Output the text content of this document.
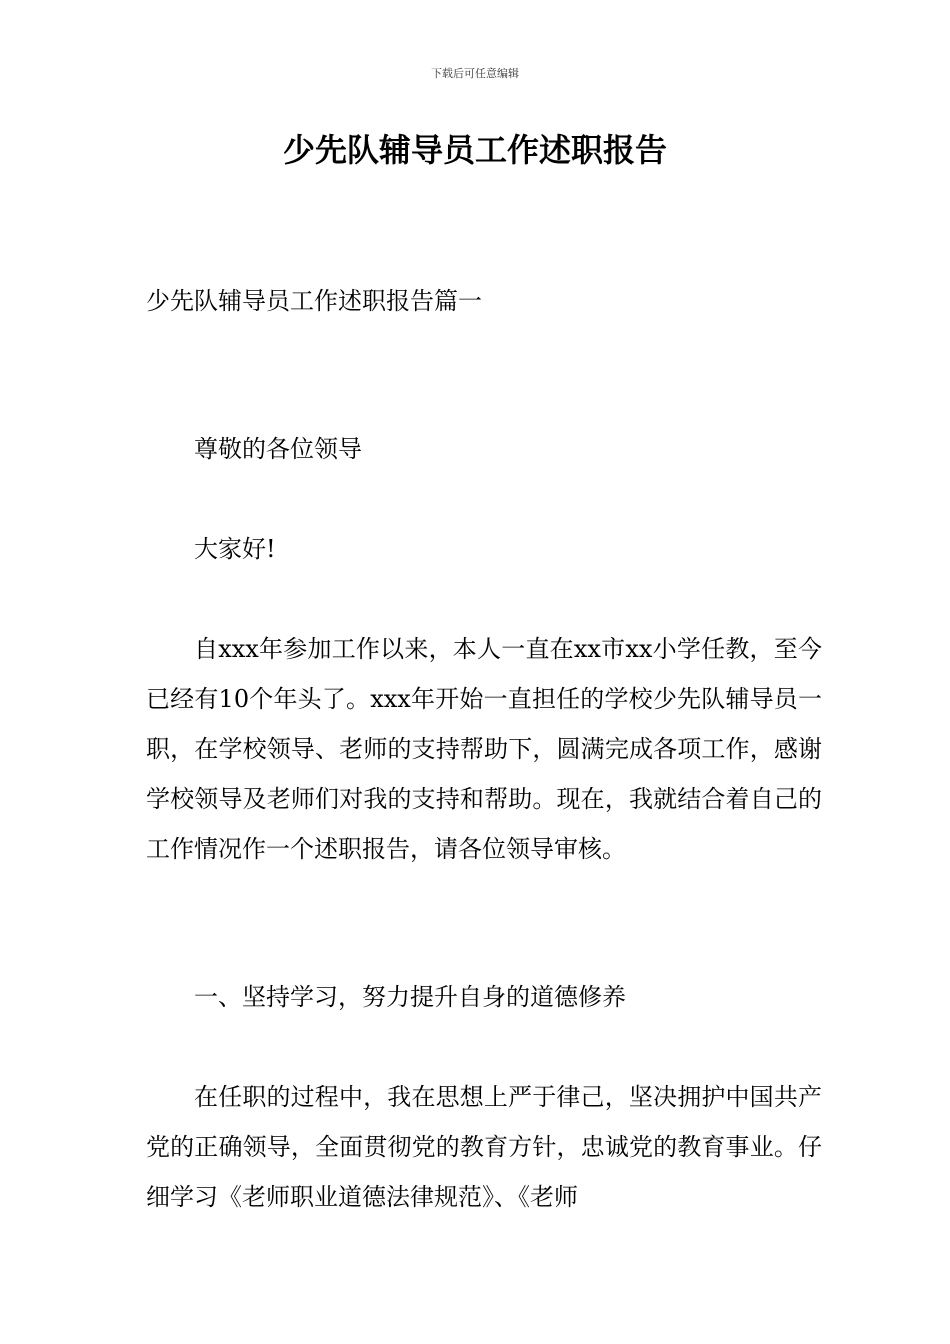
下载后可任意编辑
少先队辅导员工作述职报告

少先队辅导员工作述职报告篇一

尊敬的各位领导

大家好!

自xxx年参加工作以来，本人一直在xx市xx小学任教，至今已经有10个年头了。xxx年开始一直担任的学校少先队辅导员一职，在学校领导、老师的支持帮助下，圆满完成各项工作，感谢学校领导及老师们对我的支持和帮助。现在，我就结合着自己的工作情况作一个述职报告，请各位领导审核。

一、坚持学习，努力提升自身的道德修养

在任职的过程中，我在思想上严于律己，坚决拥护中国共产党的正确领导，全面贯彻党的教育方针，忠诚党的教育事业。仔细学习《老师职业道德法律规范》、《老师
